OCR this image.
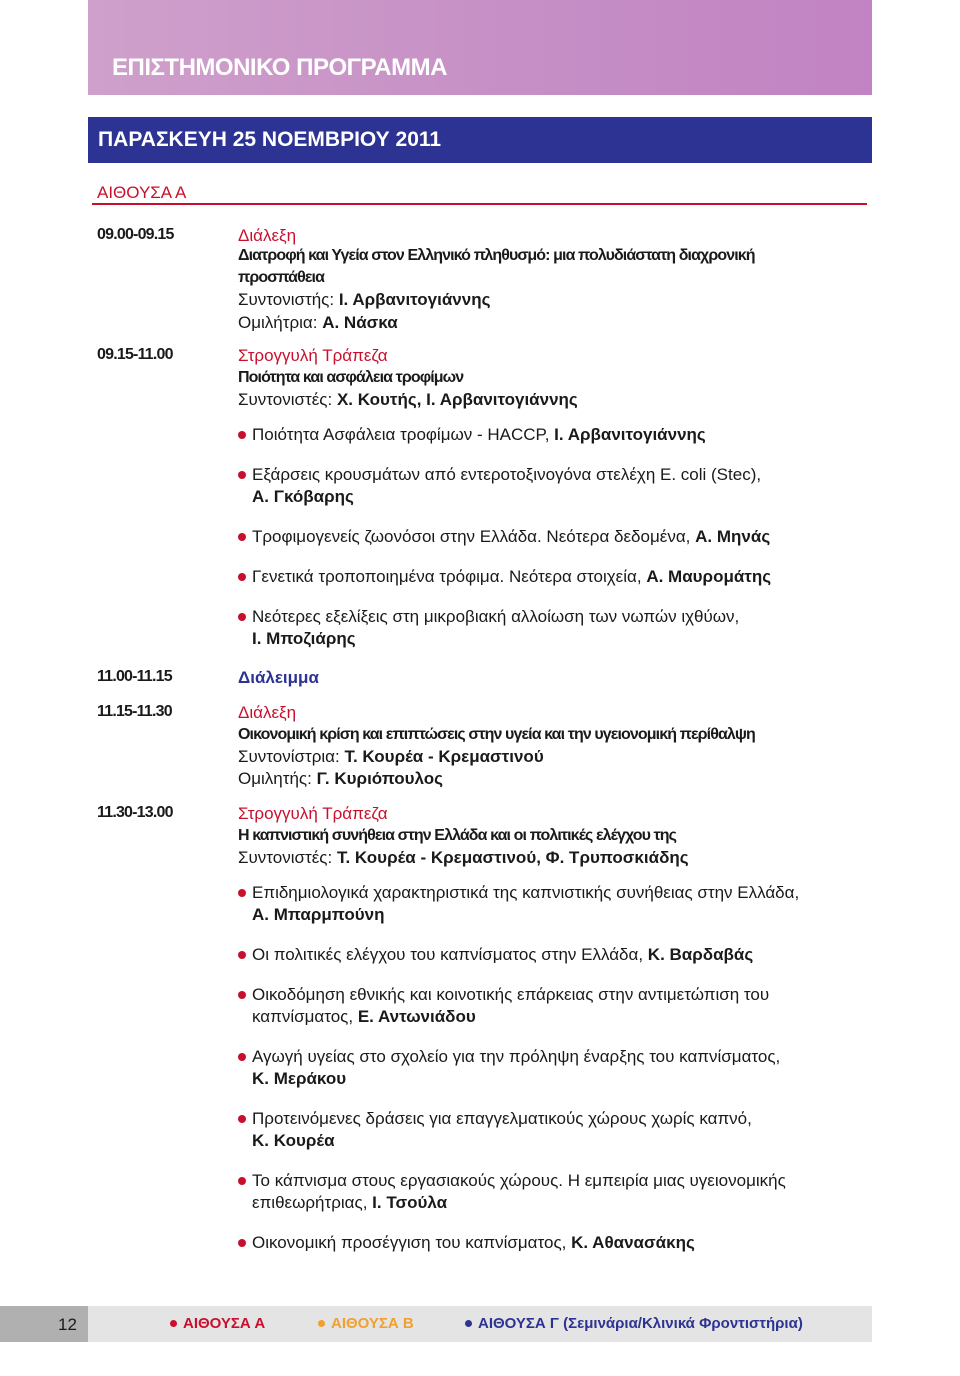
ΕΠΙΣΤΗΜΟΝΙΚΟ ΠΡΟΓΡΑΜΜΑ
ΠΑΡΑΣΚΕΥΗ 25 ΝΟΕΜΒΡΙΟΥ 2011
ΑΙΘΟΥΣΑ Α
09.00-09.15	Διάλεξη
Διατροφή και Υγεία στον Ελληνικό πληθυσμό: μια πολυδιάστατη διαχρονική
προσπάθεια
Συντονιστής: Ι. Αρβανιτογιάννης
Ομιλήτρια: Α. Νάσκα
09.15-11.00	Στρογγυλή Τράπεζα
Ποιότητα και ασφάλεια τροφίμων
Συντονιστές: Χ. Κουτής, Ι. Αρβανιτογιάννης
Ποιότητα Ασφάλεια τροφίμων - HACCP, Ι. Αρβανιτογιάννης
Εξάρσεις κρουσμάτων από εντεροτοξινογόνα στελέχη E. coli (Stec),
Α. Γκόβαρης
Τροφιμογενείς ζωονόσοι στην Ελλάδα. Νεότερα δεδομένα, Α. Μηνάς
Γενετικά τροποποιημένα τρόφιμα. Νεότερα στοιχεία, Α. Μαυρομάτης
Νεότερες εξελίξεις στη μικροβιακή αλλοίωση των νωπών ιχθύων,
Ι. Μποζιάρης
11.00-11.15	Διάλειμμα
11.15-11.30	Διάλεξη
Οικονομική κρίση και επιπτώσεις στην υγεία και την υγειονομική περίθαλψη
Συντονίστρια: Τ. Κουρέα - Κρεμαστινού
Ομιλητής: Γ. Κυριόπουλος
11.30-13.00	Στρογγυλή Τράπεζα
Η καπνιστική συνήθεια στην Ελλάδα και οι πολιτικές ελέγχου της
Συντονιστές: Τ. Κουρέα - Κρεμαστινού, Φ. Τρυποσκιάδης
Επιδημιολογικά χαρακτηριστικά της καπνιστικής συνήθειας στην Ελλάδα,
Α. Μπαρμπούνη
Οι πολιτικές ελέγχου του καπνίσματος στην Ελλάδα, Κ. Βαρδαβάς
Οικοδόμηση εθνικής και κοινοτικής επάρκειας στην αντιμετώπιση του
καπνίσματος, Ε. Αντωνιάδου
Αγωγή υγείας στο σχολείο για την πρόληψη έναρξης του καπνίσματος,
Κ. Μεράκου
Προτεινόμενες δράσεις για επαγγελματικούς χώρους χωρίς καπνό,
Κ. Κουρέα
Το κάπνισμα στους εργασιακούς χώρους. Η εμπειρία μιας υγειονομικής
επιθεωρήτριας, Ι. Τσούλα
Οικονομική προσέγγιση του καπνίσματος, Κ. Αθανασάκης
12	ΑΙΘΟΥΣΑ Α	ΑΙΘΟΥΣΑ Β	ΑΙΘΟΥΣΑ Γ (Σεμινάρια/Κλινικά Φροντιστήρια)
